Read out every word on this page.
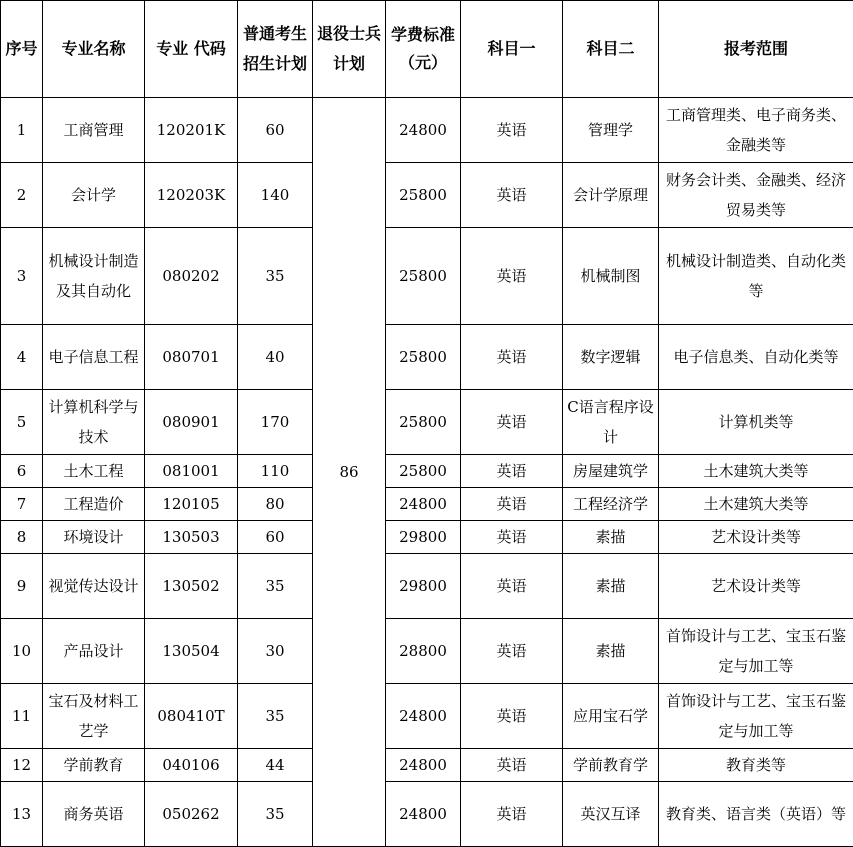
序号	专业名称	专业 代码	普通考生招生计划	退役士兵计划	学费标准（元）	科目一	科目二	报考范围
1	工商管理	120201K	60	86	24800	英语	管理学	工商管理类、电子商务类、金融类等
2	会计学	120203K	140		25800	英语	会计学原理	财务会计类、金融类、经济贸易类等
3	机械设计制造及其自动化	080202	35		25800	英语	机械制图	机械设计制造类、自动化类等
4	电子信息工程	080701	40		25800	英语	数字逻辑	电子信息类、自动化类等
5	计算机科学与技术	080901	170		25800	英语	C语言程序设计	计算机类等
6	土木工程	081001	110		25800	英语	房屋建筑学	土木建筑大类等
7	工程造价	120105	80		24800	英语	工程经济学	土木建筑大类等
8	环境设计	130503	60		29800	英语	素描	艺术设计类等
9	视觉传达设计	130502	35		29800	英语	素描	艺术设计类等
10	产品设计	130504	30		28800	英语	素描	首饰设计与工艺、宝玉石鉴定与加工等
11	宝石及材料工艺学	080410T	35		24800	英语	应用宝石学	首饰设计与工艺、宝玉石鉴定与加工等
12	学前教育	040106	44		24800	英语	学前教育学	教育类等
13	商务英语	050262	35		24800	英语	英汉互译	教育类、语言类（英语）等
